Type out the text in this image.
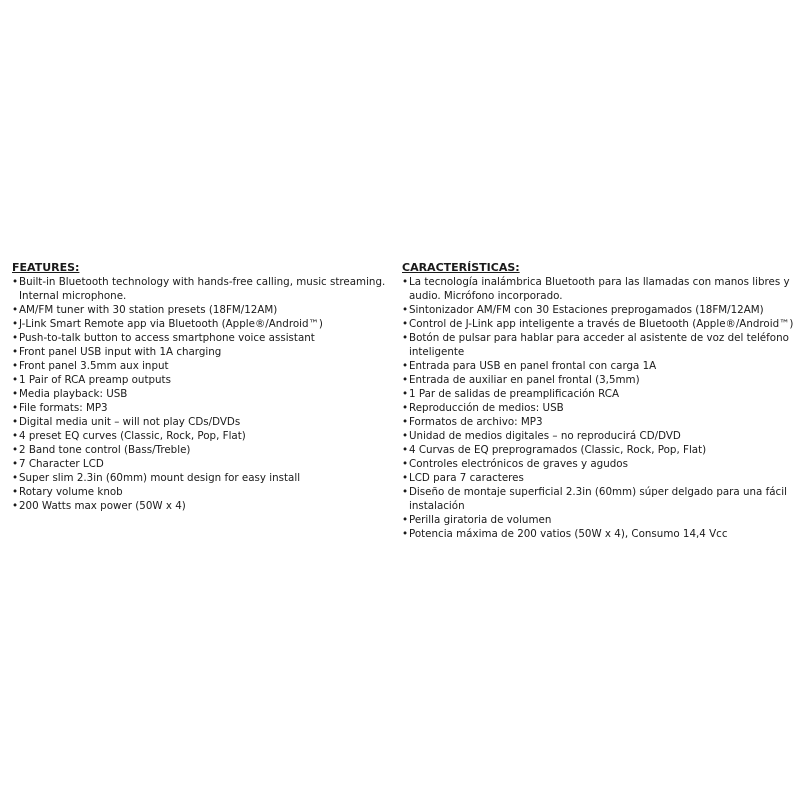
FEATURES:
• Built-in Bluetooth technology with hands-free calling, music streaming. Internal microphone.
• AM/FM tuner with 30 station presets (18FM/12AM)
• J-Link Smart Remote app via Bluetooth (Apple®/Android™)
• Push-to-talk button to access smartphone voice assistant
• Front panel USB input with 1A charging
• Front panel 3.5mm aux input
• 1 Pair of RCA preamp outputs
• Media playback: USB
• File formats: MP3
• Digital media unit – will not play CDs/DVDs
• 4 preset EQ curves (Classic, Rock, Pop, Flat)
• 2 Band tone control (Bass/Treble)
• 7 Character LCD
• Super slim 2.3in (60mm) mount design for easy install
• Rotary volume knob
• 200 Watts max power (50W x 4)
CARACTERÍSTICAS:
• La tecnología inalámbrica Bluetooth para las llamadas con manos libres y audio. Micrófono incorporado.
• Sintonizador AM/FM con 30 Estaciones preprogamados (18FM/12AM)
• Control de J-Link app inteligente a través de Bluetooth (Apple®/Android™)
• Botón de pulsar para hablar para acceder al asistente de voz del teléfono inteligente
• Entrada para USB en panel frontal con carga 1A
• Entrada de auxiliar en panel frontal (3,5mm)
• 1 Par de salidas de preamplificación RCA
• Reproducción de medios: USB
• Formatos de archivo: MP3
• Unidad de medios digitales – no reproducirá CD/DVD
• 4 Curvas de EQ preprogramados (Classic, Rock, Pop, Flat)
• Controles electrónicos de graves y agudos
• LCD para 7 caracteres
• Diseño de montaje superficial 2.3in (60mm) súper delgado para una fácil instalación
• Perilla giratoria de volumen
• Potencia máxima de 200 vatios (50W x 4), Consumo 14,4 Vcc
